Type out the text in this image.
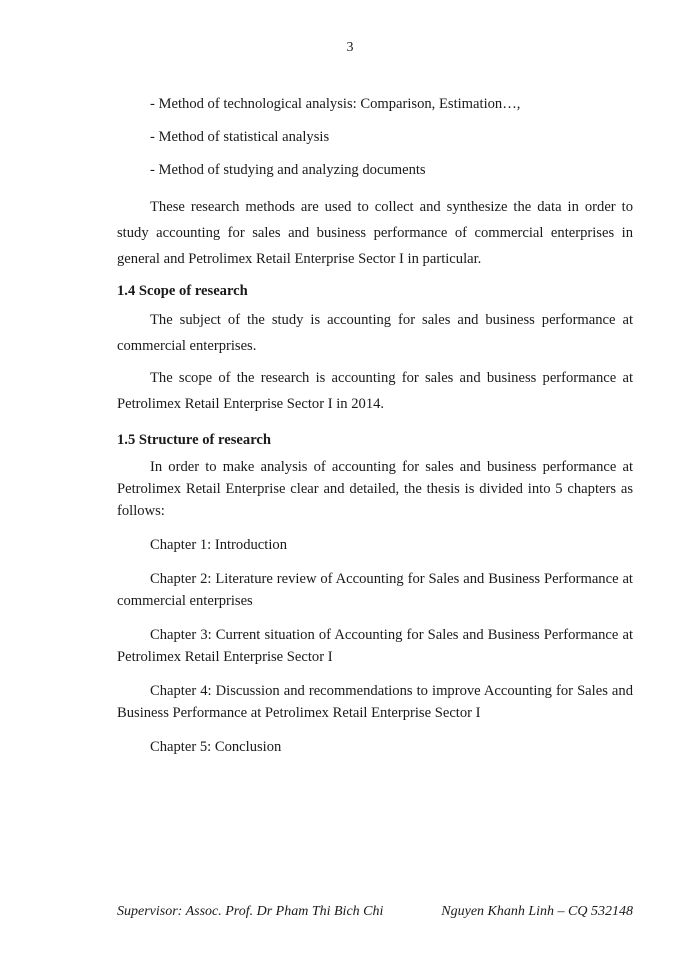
3

- Method of technological analysis: Comparison, Estimation…,

- Method of statistical analysis

- Method of studying and analyzing documents

These research methods are used to collect and synthesize the data in order to study accounting for sales and business performance of commercial enterprises in general and Petrolimex Retail Enterprise Sector I in particular.

1.4 Scope of research

The subject of the study is accounting for sales and business performance at commercial enterprises.

The scope of the research is accounting for sales and business performance at Petrolimex Retail Enterprise Sector I in 2014.

1.5 Structure of research

In order to make analysis of accounting for sales and business performance at Petrolimex Retail Enterprise clear and detailed, the thesis is divided into 5 chapters as follows:

Chapter 1: Introduction

Chapter 2: Literature review of Accounting for Sales and Business Performance at commercial enterprises

Chapter 3: Current situation of Accounting for Sales and Business Performance at Petrolimex Retail Enterprise Sector I

Chapter 4: Discussion and recommendations to improve Accounting for Sales and Business Performance at Petrolimex Retail Enterprise Sector I

Chapter 5: Conclusion

Supervisor: Assoc. Prof. Dr Pham Thi Bich Chi	Nguyen Khanh Linh – CQ 532148
